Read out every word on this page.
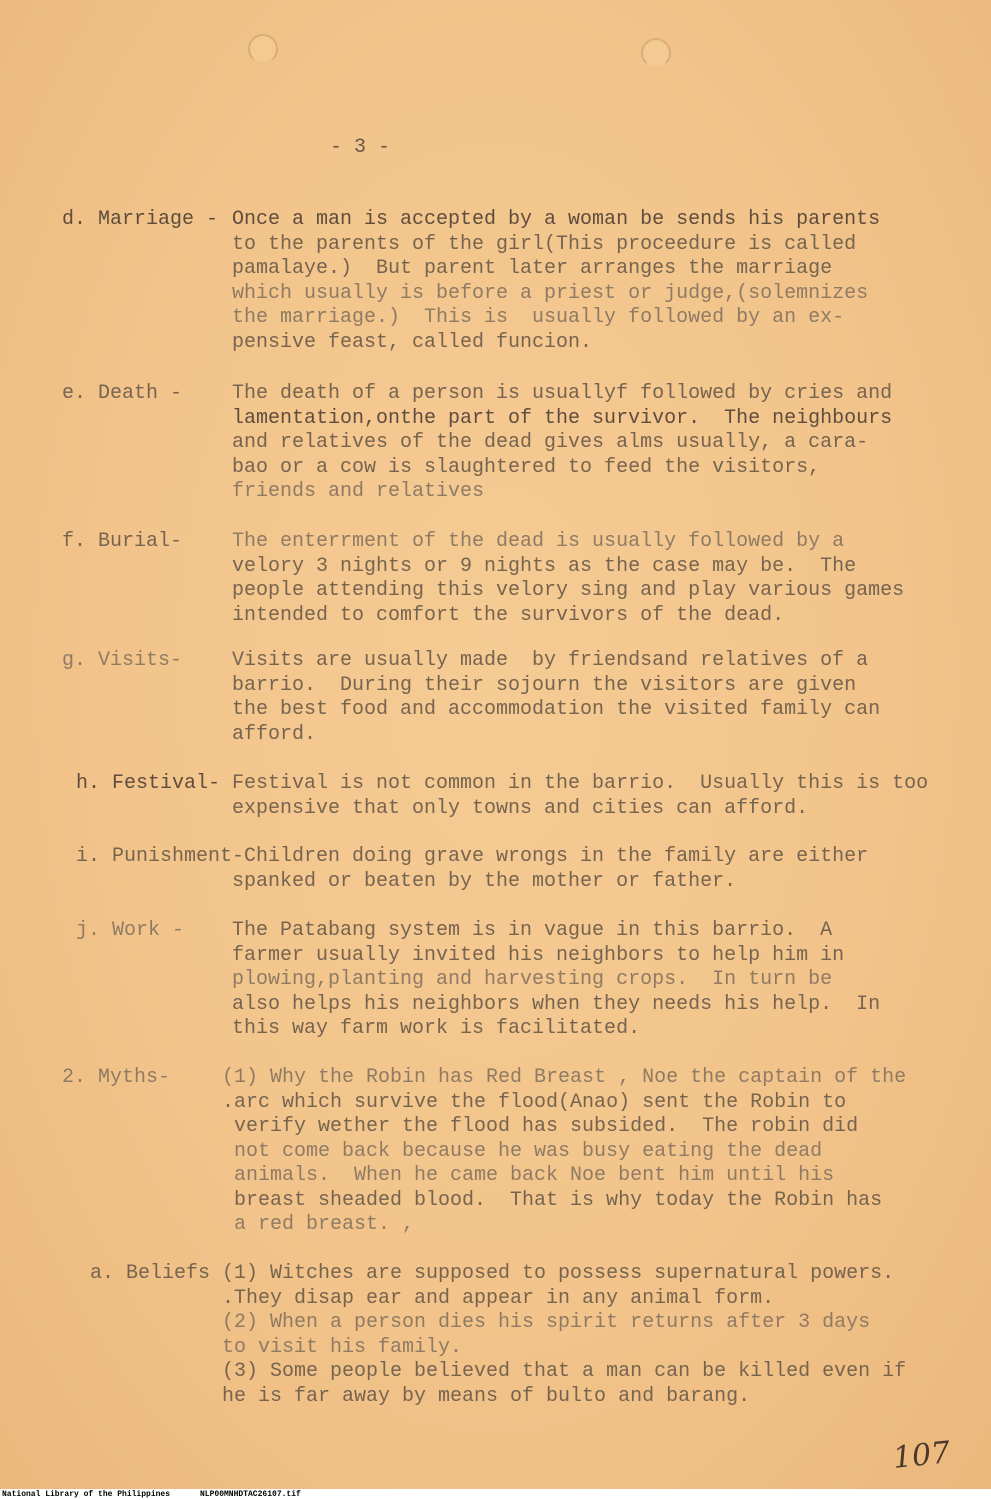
- 3 -
d. Marriage - Once a man is accepted by a woman be sends his parents
to the parents of the girl(This proceedure is called
pamalaye.)  But parent later arranges the marriage
which usually is before a priest or judge,(solemnizes
the marriage.)  This is  usually followed by an ex-
pensive feast, called funcion.
e. Death - The death of a person is usuallyf followed by cries and
lamentation,onthe part of the survivor.  The neighbours
and relatives of the dead gives alms usually, a cara-
bao or a cow is slaughtered to feed the visitors,
friends and relatives
f. Burial- The enterrment of the dead is usually followed by a
velory 3 nights or 9 nights as the case may be.  The
people attending this velory sing and play various games
intended to comfort the survivors of the dead.
g. Visits- Visits are usually made  by friendsand relatives of a
barrio.  During their sojourn the visitors are given
the best food and accommodation the visited family can
afford.
h. Festival- Festival is not common in the barrio.  Usually this is too
expensive that only towns and cities can afford.
i. Punishment- Children doing grave wrongs in the family are either
spanked or beaten by the mother or father.
j. Work - The Patabang system is in vague in this barrio.  A
farmer usually invited his neighbors to help him in
plowing,planting and harvesting crops.  In turn be
also helps his neighbors when they needs his help.  In
this way farm work is facilitated.
2. Myths-	(1) Why the Robin has Red Breast , Noe the captain of the
.arc which survive the flood(Anao) sent the Robin to
verify wether the flood has subsided.  The robin did
not come back because he was busy eating the dead
animals.  When he came back Noe bent him until his
breast sheaded blood.  That is why today the Robin has
a red breast. ,
a. Beliefs (1) Witches are supposed to possess supernatural powers.
.They disap ear and appear in any animal form.
(2) When a person dies his spirit returns after 3 days
to visit his family.
(3) Some people believed that a man can be killed even if
he is far away by means of bulto and barang.
107
National Library of the Philippines	NLP00MNHDTAC26107.tif
